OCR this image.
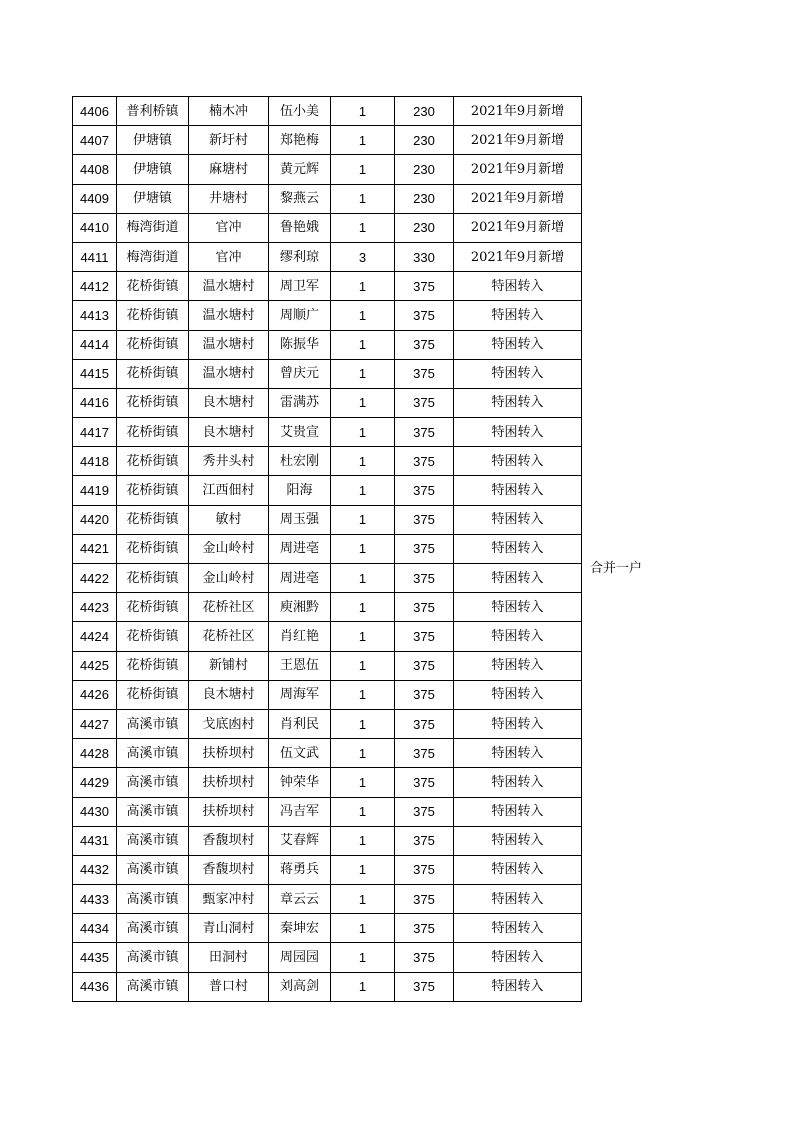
4406	普利桥镇	楠木冲	伍小美	1	230	2021年9月新增
4407	伊塘镇	新圩村	郑艳梅	1	230	2021年9月新增
4408	伊塘镇	麻塘村	黄元辉	1	230	2021年9月新增
4409	伊塘镇	井塘村	黎燕云	1	230	2021年9月新增
4410	梅湾街道	官冲	鲁艳娥	1	230	2021年9月新增
4411	梅湾街道	官冲	缪利琼	3	330	2021年9月新增
4412	花桥街镇	温水塘村	周卫军	1	375	特困转入
4413	花桥街镇	温水塘村	周顺广	1	375	特困转入
4414	花桥街镇	温水塘村	陈振华	1	375	特困转入
4415	花桥街镇	温水塘村	曾庆元	1	375	特困转入
4416	花桥街镇	良木塘村	雷满苏	1	375	特困转入
4417	花桥街镇	良木塘村	艾贵宣	1	375	特困转入
4418	花桥街镇	秀井头村	杜宏刚	1	375	特困转入
4419	花桥街镇	江西佃村	阳海	1	375	特困转入
4420	花桥街镇	敏村	周玉强	1	375	特困转入
4421	花桥街镇	金山岭村	周进亳	1	375	特困转入
4422	花桥街镇	金山岭村	周进亳	1	375	特困转入
4423	花桥街镇	花桥社区	庾湘黔	1	375	特困转入
4424	花桥街镇	花桥社区	肖红艳	1	375	特困转入
4425	花桥街镇	新铺村	王恩伍	1	375	特困转入
4426	花桥街镇	良木塘村	周海军	1	375	特困转入
4427	高溪市镇	戈底凼村	肖利民	1	375	特困转入
4428	高溪市镇	扶桥坝村	伍文武	1	375	特困转入
4429	高溪市镇	扶桥坝村	钟荣华	1	375	特困转入
4430	高溪市镇	扶桥坝村	冯吉军	1	375	特困转入
4431	高溪市镇	香馥坝村	艾春辉	1	375	特困转入
4432	高溪市镇	香馥坝村	蒋勇兵	1	375	特困转入
4433	高溪市镇	甄家冲村	章云云	1	375	特困转入
4434	高溪市镇	青山洞村	秦坤宏	1	375	特困转入
4435	高溪市镇	田洞村	周园园	1	375	特困转入
4436	高溪市镇	普口村	刘高剑	1	375	特困转入
合并一户
